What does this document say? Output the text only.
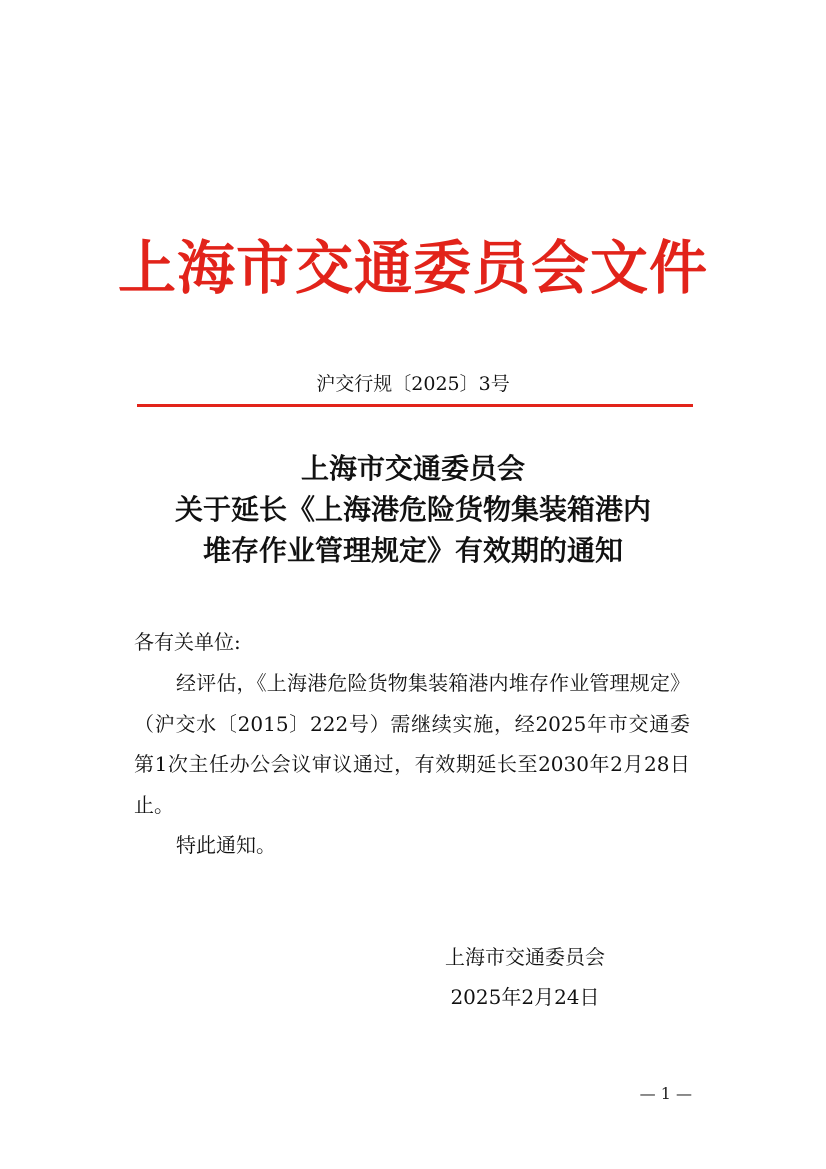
上海市交通委员会文件
沪交行规〔2025〕3号
上海市交通委员会
关于延长《上海港危险货物集装箱港内
堆存作业管理规定》有效期的通知
各有关单位:

经评估，《上海港危险货物集装箱港内堆存作业管理规定》（沪交水〔2015〕222号）需继续实施，经2025年市交通委第1次主任办公会议审议通过，有效期延长至2030年2月28日止。

特此通知。

上海市交通委员会
2025年2月24日
— 1 —
